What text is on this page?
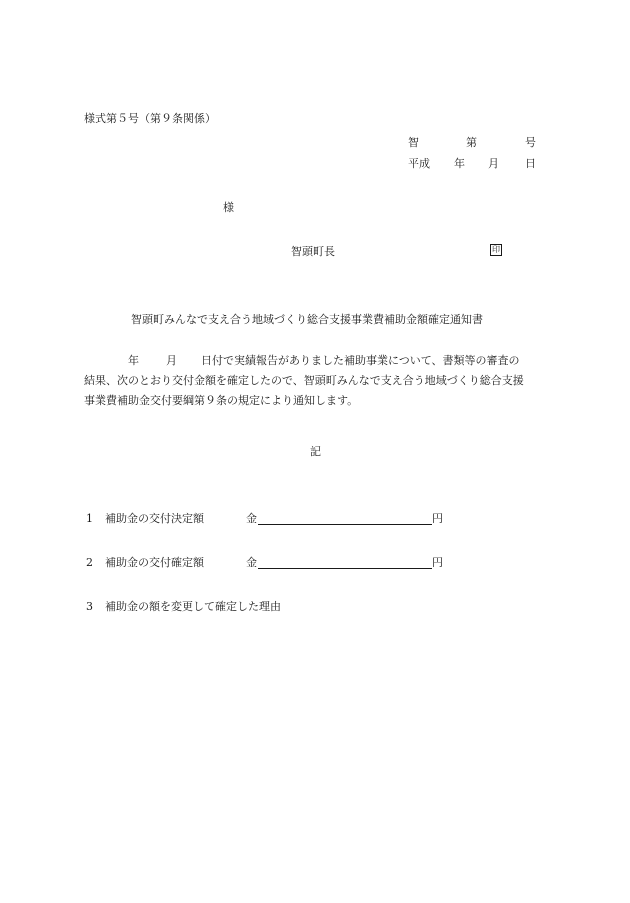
様式第５号（第９条関係）
智	第	号
平成 年 月 日
様
智頭町長	印
智頭町みんなで支え合う地域づくり総合支援事業費補助金額確定通知書
年 月 日付で実績報告がありました補助事業について、書類等の審査の
結果、次のとおり交付金額を確定したので、智頭町みんなで支え合う地域づくり総合支援
事業費補助金交付要綱第９条の規定により通知します。
記
1 補助金の交付決定額	金	円
2 補助金の交付確定額	金	円
3 補助金の額を変更して確定した理由
